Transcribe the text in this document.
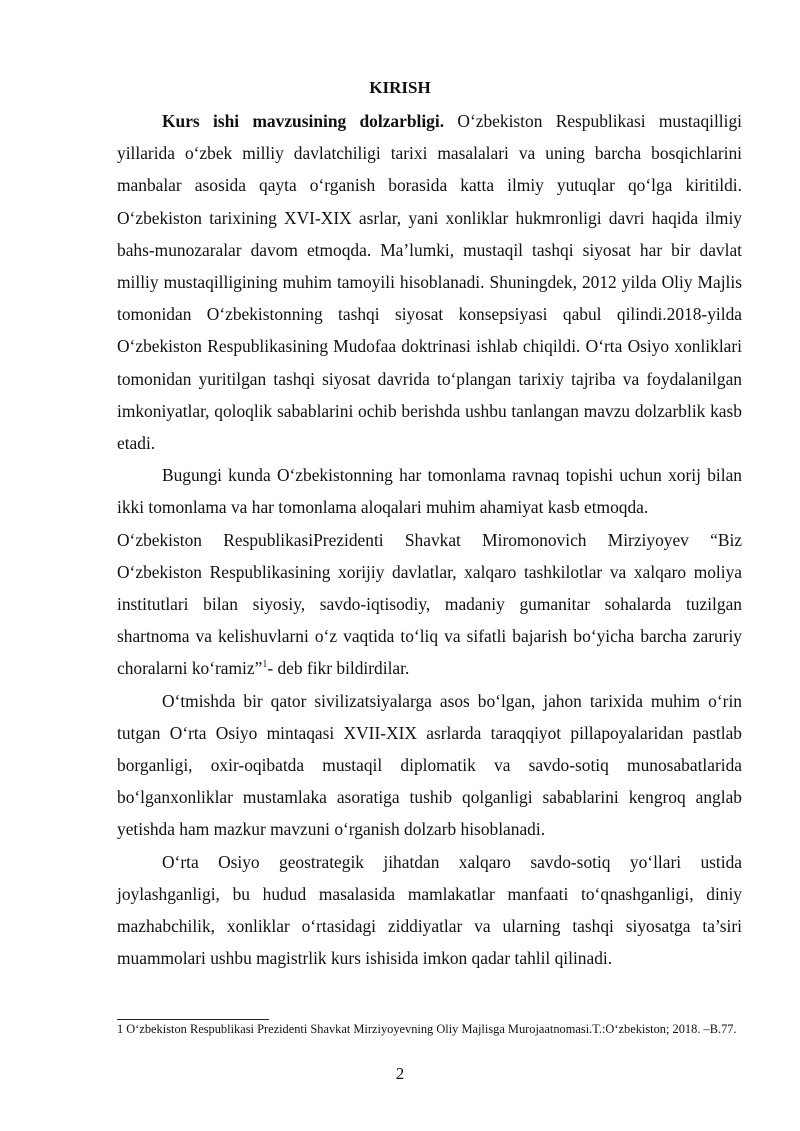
KIRISH

Kurs ishi mavzusining dolzarbligi. O‘zbekiston Respublikasi mustaqilligi yillarida o‘zbek milliy davlatchiligi tarixi masalalari va uning barcha bosqichlarini manbalar asosida qayta o‘rganish borasida katta ilmiy yutuqlar qo‘lga kiritildi. O‘zbekiston tarixining XVI-XIX asrlar, yani xonliklar hukmronligi davri haqida ilmiy bahs-munozaralar davom etmoqda. Ma’lumki, mustaqil tashqi siyosat har bir davlat milliy mustaqilligining muhim tamoyili hisoblanadi. Shuningdek, 2012 yilda Oliy Majlis tomonidan O‘zbekistonning tashqi siyosat konsepsiyasi qabul qilindi.2018-yilda O‘zbekiston Respublikasining Mudofaa doktrinasi ishlab chiqildi. O‘rta Osiyo xonliklari tomonidan yuritilgan tashqi siyosat davrida to‘plangan tarixiy tajriba va foydalanilgan imkoniyatlar, qoloqlik sabablarini ochib berishda ushbu tanlangan mavzu dolzarblik kasb etadi.

Bugungi kunda O‘zbekistonning har tomonlama ravnaq topishi uchun xorij bilan ikki tomonlama va har tomonlama aloqalari muhim ahamiyat kasb etmoqda.

O‘zbekiston RespublikasiPrezidenti Shavkat Miromonovich Mirziyoyev “Biz O‘zbekiston Respublikasining xorijiy davlatlar, xalqaro tashkilotlar va xalqaro moliya institutlari bilan siyosiy, savdo-iqtisodiy, madaniy gumanitar sohalarda tuzilgan shartnoma va kelishuvlarni o‘z vaqtida to‘liq va sifatli bajarish bo‘yicha barcha zaruriy choralarni ko‘ramiz”$^1$- deb fikr bildirdilar.

O‘tmishda bir qator sivilizatsiyalarga asos bo‘lgan, jahon tarixida muhim o‘rin tutgan O‘rta Osiyo mintaqasi XVII-XIX asrlarda taraqqiyot pillapoyalaridan pastlab borganligi, oxir-oqibatda mustaqil diplomatik va savdo-sotiq munosabatlarida bo‘lganxonliklar mustamlaka asoratiga tushib qolganligi sabablarini kengroq anglab yetishda ham mazkur mavzuni o‘rganish dolzarb hisoblanadi.

O‘rta Osiyo geostrategik jihatdan xalqaro savdo-sotiq yo‘llari ustida joylashganligi, bu hudud masalasida mamlakatlar manfaati to‘qnashganligi, diniy mazhabchilik, xonliklar o‘rtasidagi ziddiyatlar va ularning tashqi siyosatga ta’siri muammolari ushbu magistrlik kurs ishisida imkon qadar tahlil qilinadi.

1 O‘zbekiston Respublikasi Prezidenti Shavkat Mirziyoyevning Oliy Majlisga Murojaatnomasi.T.:O‘zbekiston; 2018. –B.77.
2
